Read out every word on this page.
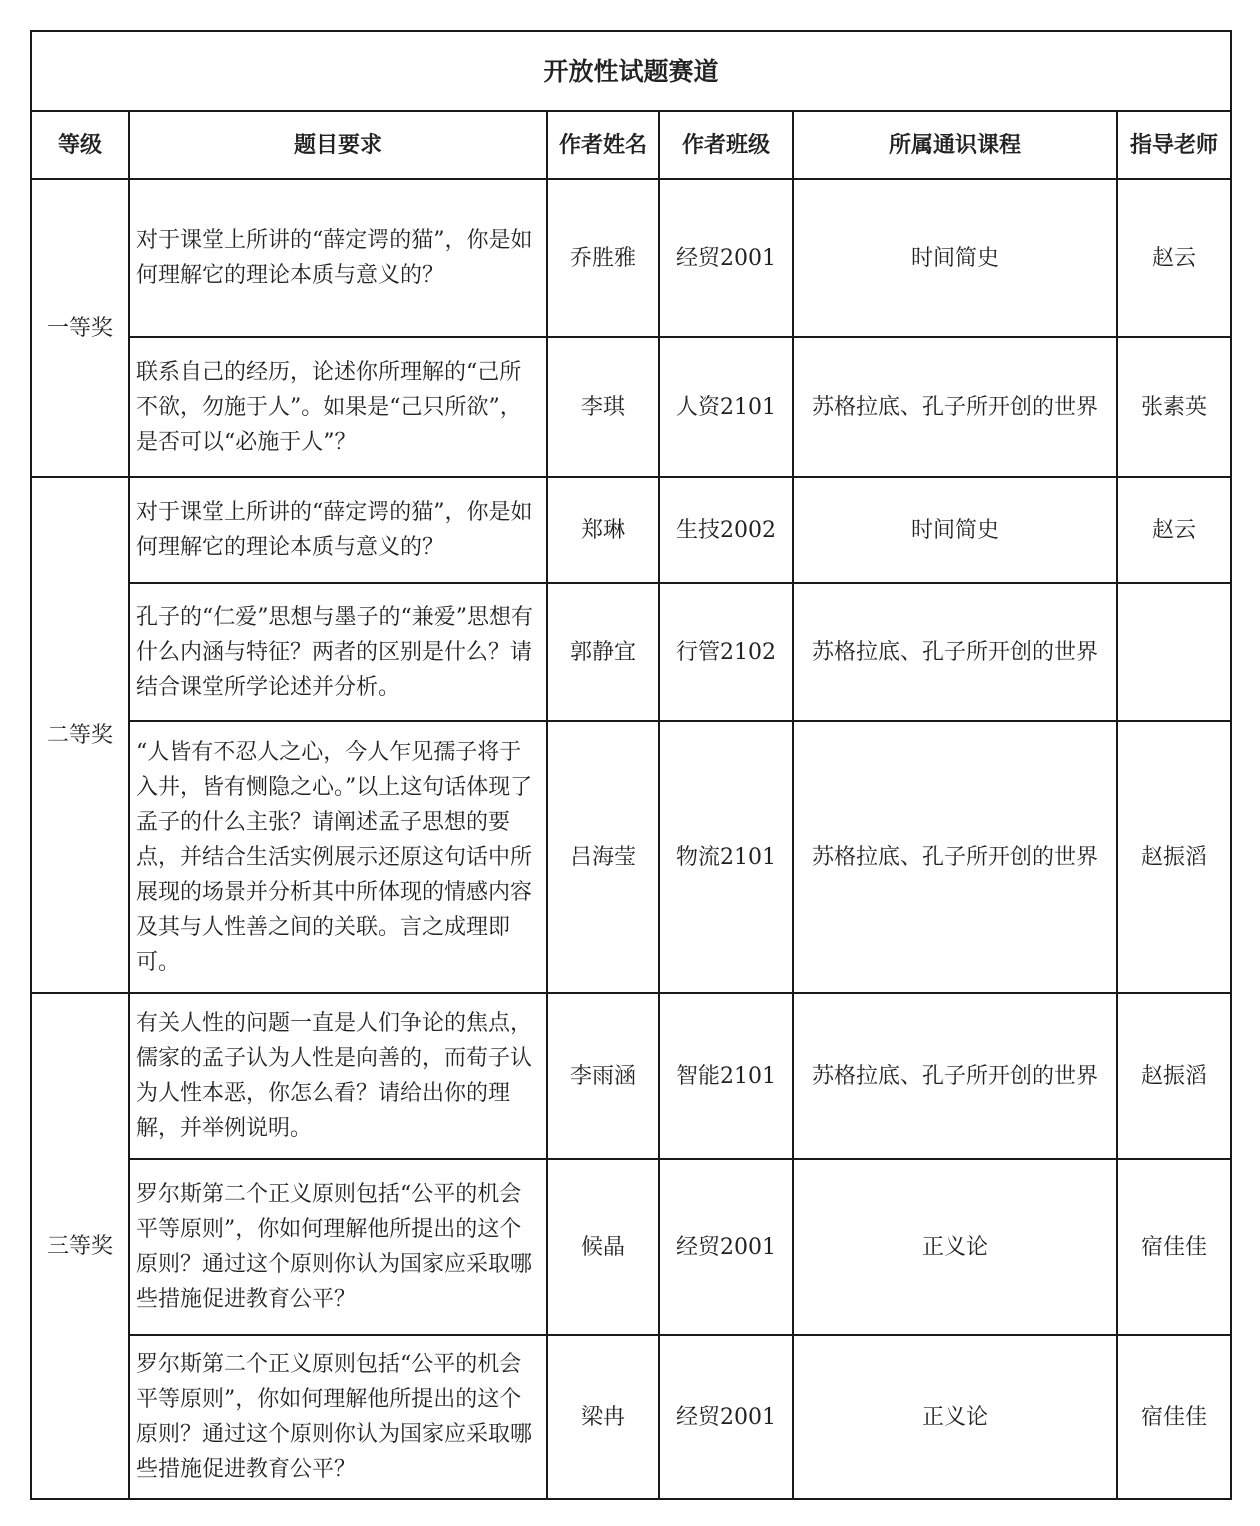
开放性试题赛道					
等级	题目要求	作者姓名	作者班级	所属通识课程	指导老师
一等奖	对于课堂上所讲的“薛定谔的猫”，你是如何理解它的理论本质与意义的？	乔胜雅	经贸2001	时间简史	赵云
	联系自己的经历，论述你所理解的“己所不欲，勿施于人”。如果是“己只所欲”，是否可以“必施于人”？	李琪	人资2101	苏格拉底、孔子所开创的世界	张素英
二等奖	对于课堂上所讲的“薛定谔的猫”，你是如何理解它的理论本质与意义的？	郑琳	生技2002	时间简史	赵云
	孔子的“仁爱”思想与墨子的“兼爱”思想有什么内涵与特征？两者的区别是什么？请结合课堂所学论述并分析。	郭静宜	行管2102	苏格拉底、孔子所开创的世界	
	“人皆有不忍人之心，今人乍见孺子将于入井，皆有恻隐之心。”以上这句话体现了孟子的什么主张？请阐述孟子思想的要点，并结合生活实例展示还原这句话中所展现的场景并分析其中所体现的情感内容及其与人性善之间的关联。言之成理即可。	吕海莹	物流2101	苏格拉底、孔子所开创的世界	赵振滔
三等奖	有关人性的问题一直是人们争论的焦点，儒家的孟子认为人性是向善的，而荀子认为人性本恶，你怎么看？请给出你的理解，并举例说明。	李雨涵	智能2101	苏格拉底、孔子所开创的世界	赵振滔
	罗尔斯第二个正义原则包括“公平的机会平等原则”，你如何理解他所提出的这个原则？通过这个原则你认为国家应采取哪些措施促进教育公平？	候晶	经贸2001	正义论	宿佳佳
	罗尔斯第二个正义原则包括“公平的机会平等原则”，你如何理解他所提出的这个原则？通过这个原则你认为国家应采取哪些措施促进教育公平？	梁冉	经贸2001	正义论	宿佳佳
